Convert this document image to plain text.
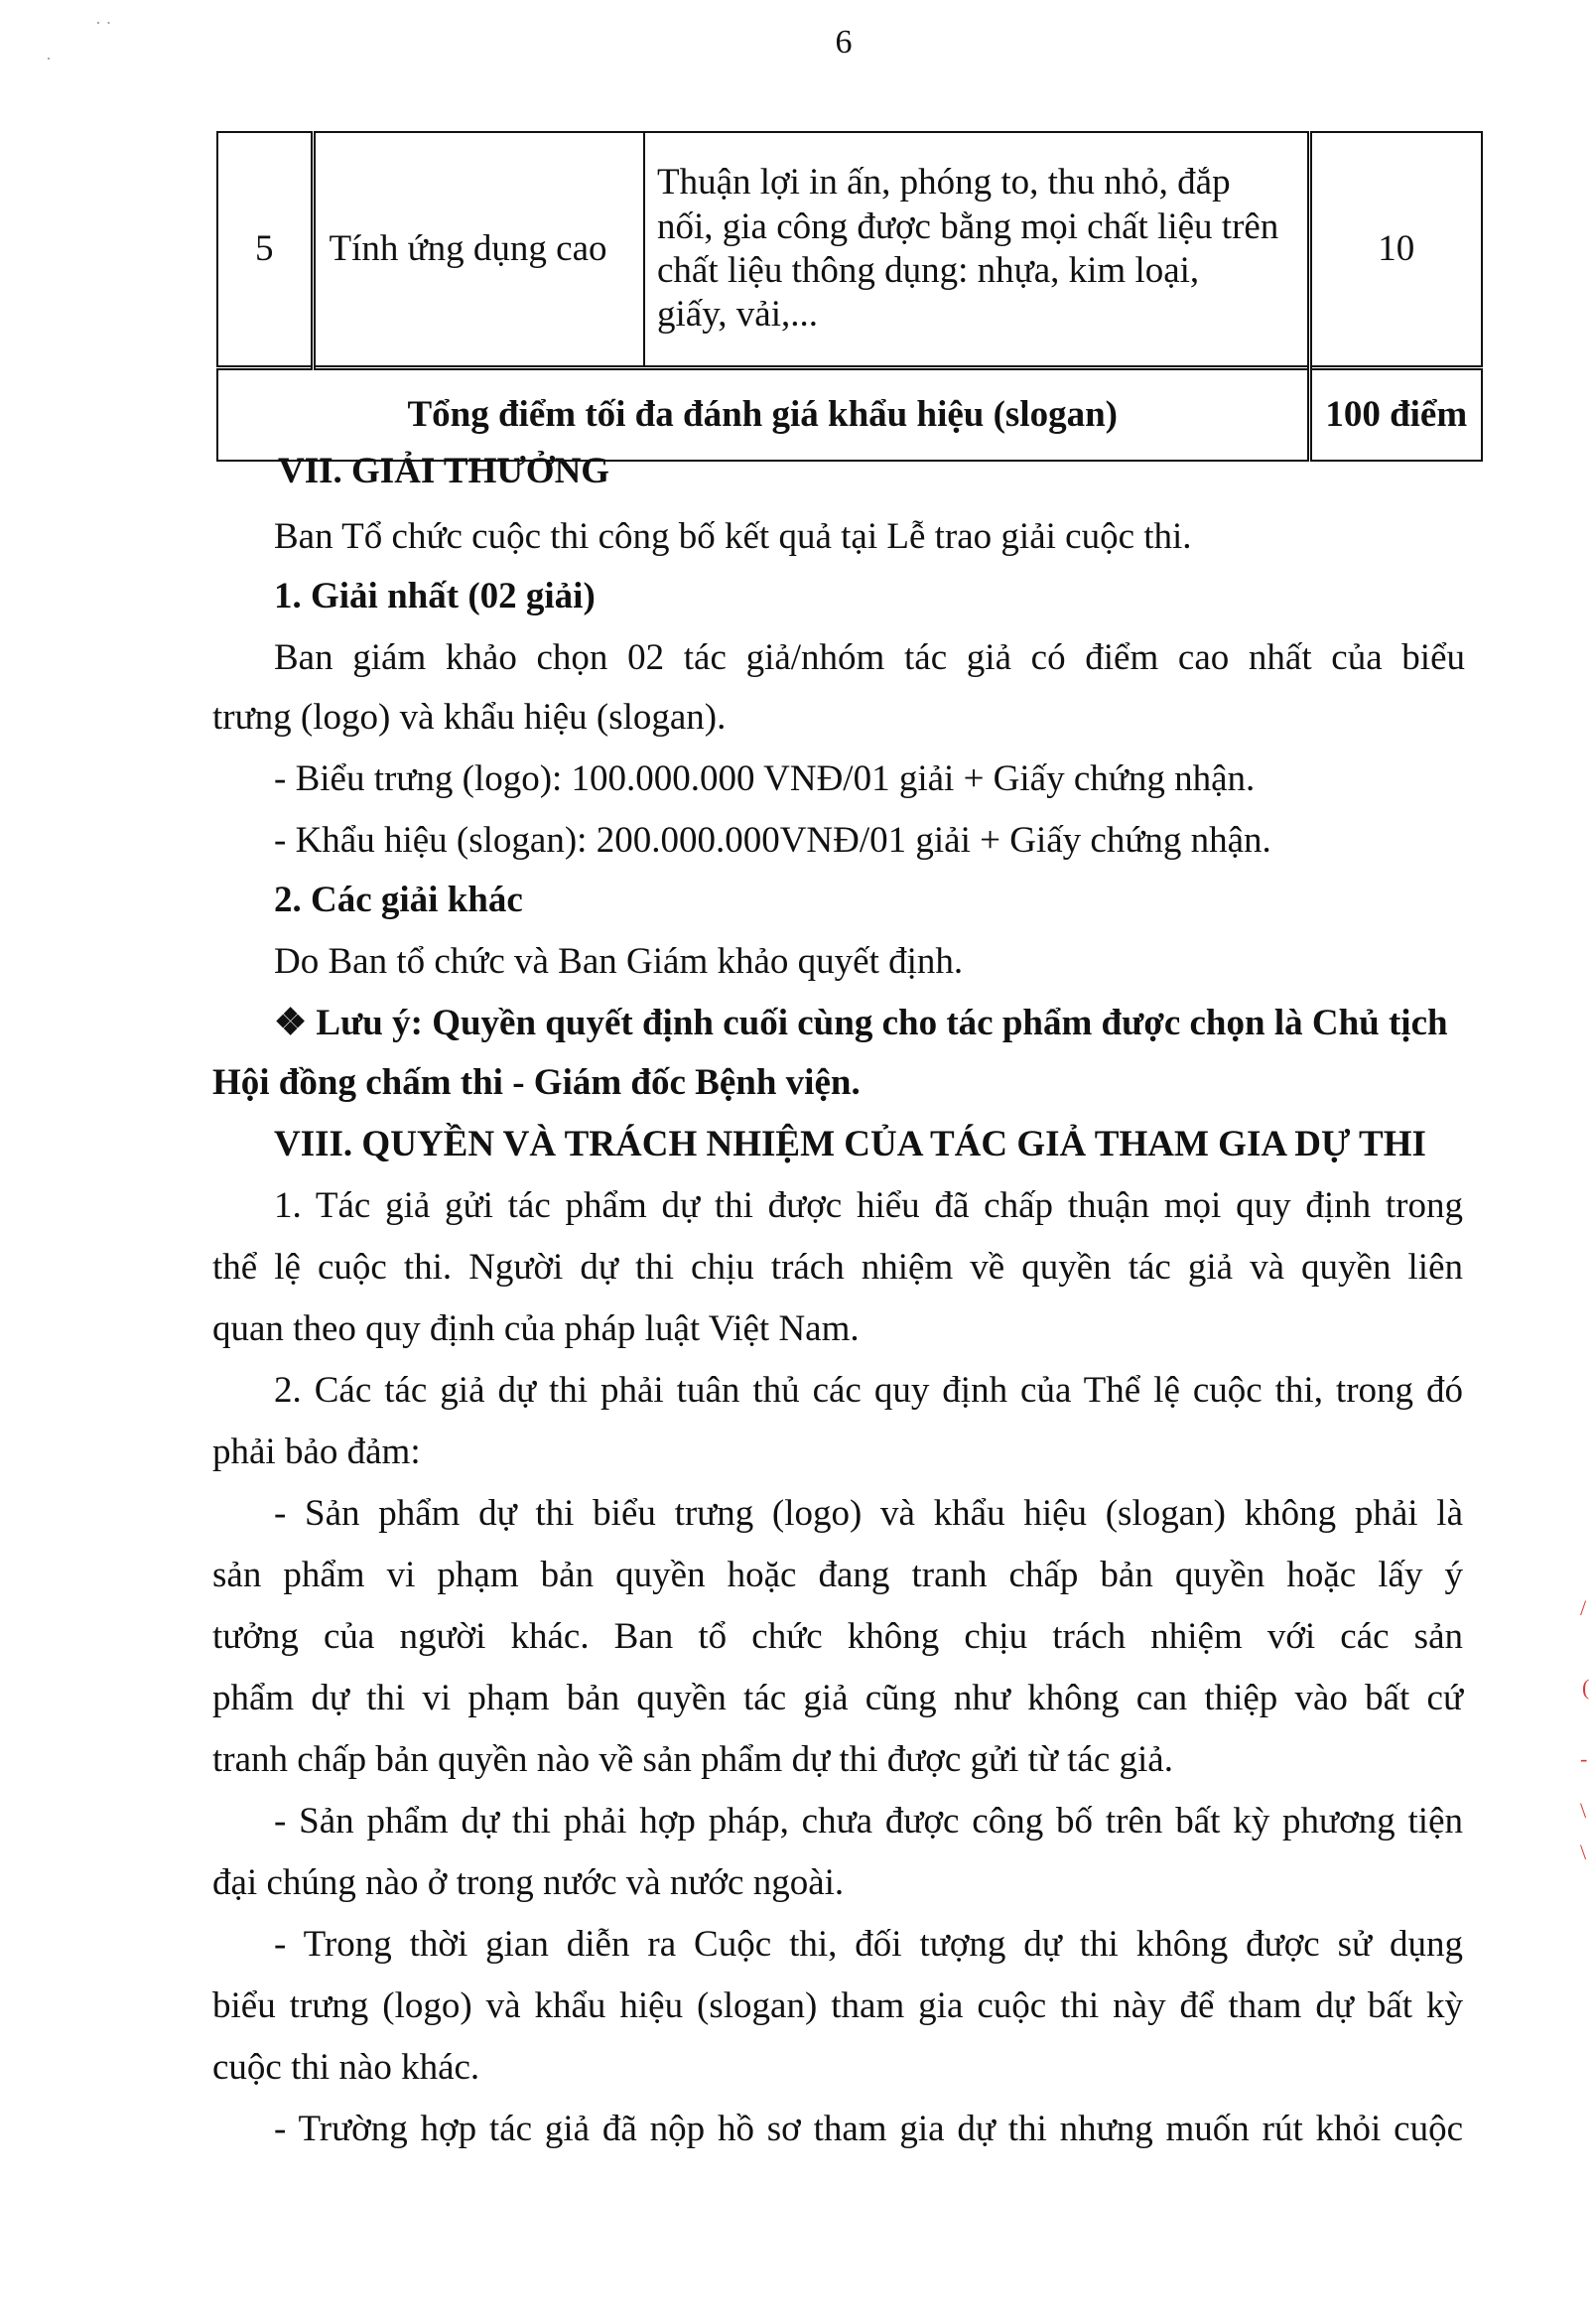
6
5	Tính ứng dụng cao	Thuận lợi in ấn, phóng to, thu nhỏ, đắp
nối, gia công được bằng mọi chất liệu trên
chất liệu thông dụng: nhựa, kim loại,
giấy, vải,...	10
Tổng điểm tối đa đánh giá khẩu hiệu (slogan)			100 điểm
VII. GIẢI THƯỞNG
Ban Tổ chức cuộc thi công bố kết quả tại Lễ trao giải cuộc thi.
1. Giải nhất (02 giải)
Ban giám khảo chọn 02 tác giả/nhóm tác giả có điểm cao nhất của biểu
trưng (logo) và khẩu hiệu (slogan).
- Biểu trưng (logo): 100.000.000 VNĐ/01 giải + Giấy chứng nhận.
- Khẩu hiệu (slogan): 200.000.000VNĐ/01 giải + Giấy chứng nhận.
2. Các giải khác
Do Ban tổ chức và Ban Giám khảo quyết định.
❖ Lưu ý: Quyền quyết định cuối cùng cho tác phẩm được chọn là Chủ tịch
Hội đồng chấm thi - Giám đốc Bệnh viện.
VIII. QUYỀN VÀ TRÁCH NHIỆM CỦA TÁC GIẢ THAM GIA DỰ THI
1. Tác giả gửi tác phẩm dự thi được hiểu đã chấp thuận mọi quy định trong
thể lệ cuộc thi. Người dự thi chịu trách nhiệm về quyền tác giả và quyền liên
quan theo quy định của pháp luật Việt Nam.
2. Các tác giả dự thi phải tuân thủ các quy định của Thể lệ cuộc thi, trong đó
phải bảo đảm:
- Sản phẩm dự thi biểu trưng (logo) và khẩu hiệu (slogan) không phải là
sản phẩm vi phạm bản quyền hoặc đang tranh chấp bản quyền hoặc lấy ý
tưởng của người khác. Ban tổ chức không chịu trách nhiệm với các sản
phẩm dự thi vi phạm bản quyền tác giả cũng như không can thiệp vào bất cứ
tranh chấp bản quyền nào về sản phẩm dự thi được gửi từ tác giả.
- Sản phẩm dự thi phải hợp pháp, chưa được công bố trên bất kỳ phương tiện
đại chúng nào ở trong nước và nước ngoài.
- Trong thời gian diễn ra Cuộc thi, đối tượng dự thi không được sử dụng
biểu trưng (logo) và khẩu hiệu (slogan) tham gia cuộc thi này để tham dự bất kỳ
cuộc thi nào khác.
- Trường hợp tác giả đã nộp hồ sơ tham gia dự thi nhưng muốn rút khỏi cuộc
/
(
-
\
\
· ·
·
